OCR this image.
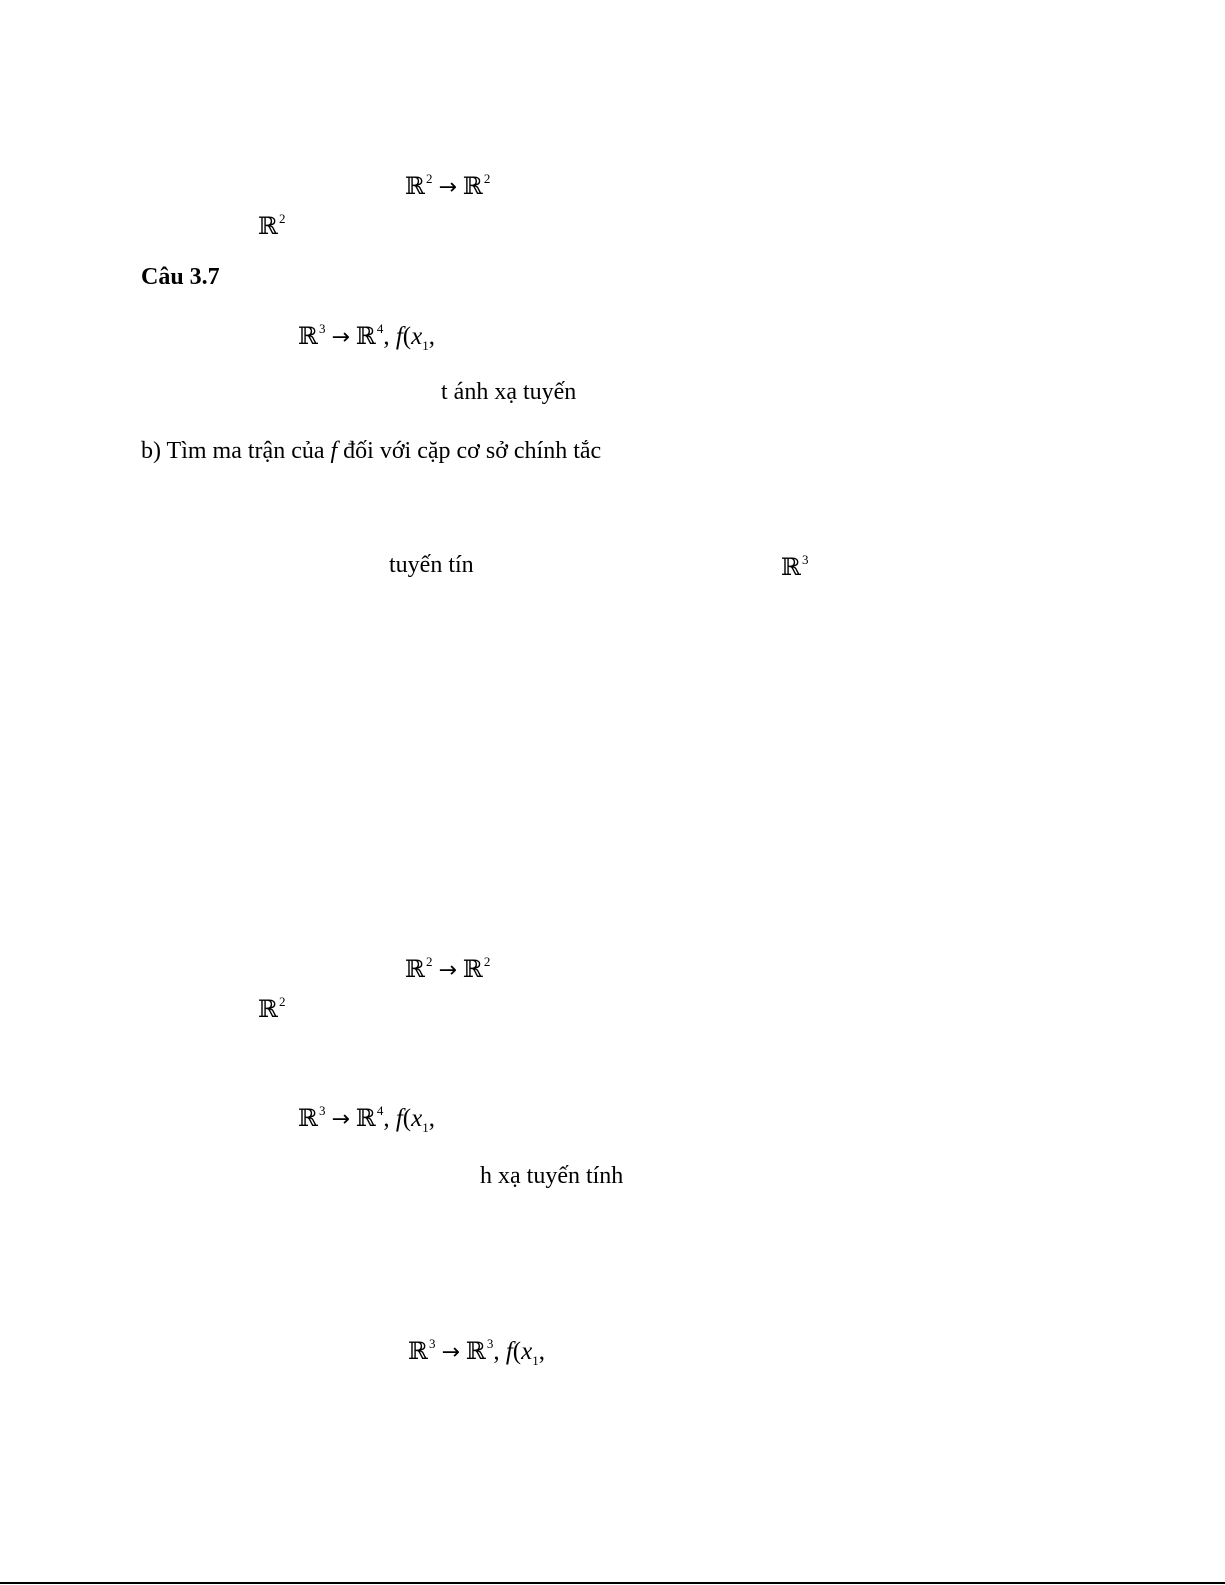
ℝ$^2$ → ℝ$^2$
ℝ$^2$
Câu 3.7
ℝ$^3$ → ℝ$^4$, $f(x_1$,
t ánh xạ tuyến
b) Tìm ma trận của f đối với cặp cơ sở chính tắc
tuyến tín	ℝ$^3$
ℝ$^2$ → ℝ$^2$
ℝ$^2$
ℝ$^3$ → ℝ$^4$, $f(x_1$,
h xạ tuyến tính
ℝ$^3$ → ℝ$^3$, $f(x_1$,
